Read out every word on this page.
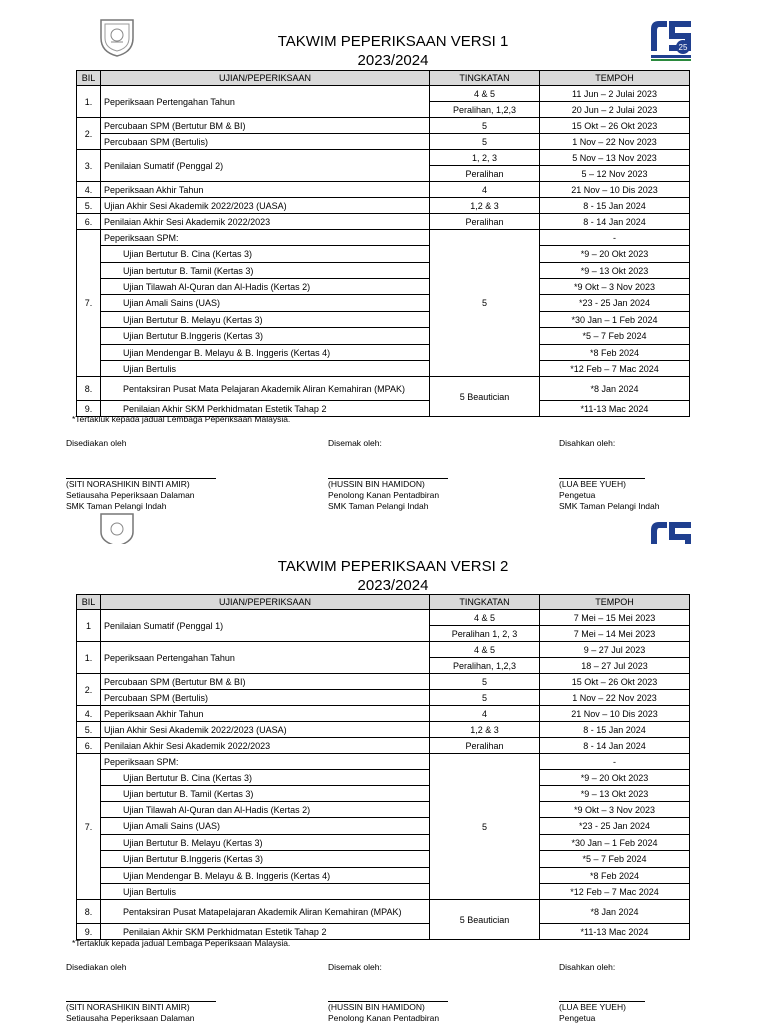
25
TAKWIM PEPERIKSAAN VERSI 1
2023/2024
BIL	UJIAN/PEPERIKSAAN	TINGKATAN	TEMPOH
1.	Peperiksaan Pertengahan Tahun	4 & 5	11 Jun – 2 Julai 2023
		Peralihan, 1,2,3	20 Jun – 2 Julai 2023
2.	Percubaan SPM (Bertutur BM & BI)	5	15 Okt – 26 Okt 2023
	Percubaan SPM (Bertulis)	5	1 Nov – 22 Nov 2023
3.	Penilaian Sumatif (Penggal 2)	1, 2, 3	5 Nov – 13 Nov 2023
		Peralihan	5 – 12 Nov 2023
4.	Peperiksaan Akhir Tahun	4	21 Nov – 10 Dis 2023
5.	Ujian Akhir Sesi Akademik 2022/2023 (UASA)	1,2 & 3	8 - 15 Jan 2024
6.	Penilaian Akhir Sesi Akademik 2022/2023	Peralihan	8 - 14 Jan 2024
7.	Peperiksaan SPM:	5	-
	Ujian Bertutur B. Cina (Kertas 3)		*9 – 20 Okt 2023
	Ujian bertutur B. Tamil (Kertas 3)		*9 – 13 Okt 2023
	Ujian Tilawah Al-Quran dan Al-Hadis (Kertas 2)		*9 Okt – 3 Nov 2023
	Ujian Amali Sains (UAS)		*23 - 25 Jan 2024
	Ujian Bertutur B. Melayu (Kertas 3)		*30 Jan – 1 Feb 2024
	Ujian Bertutur B.Inggeris (Kertas 3)		*5 – 7 Feb 2024
	Ujian Mendengar B. Melayu & B. Inggeris (Kertas 4)		*8 Feb 2024
	Ujian Bertulis		*12 Feb – 7 Mac 2024
8.	Pentaksiran Pusat Mata Pelajaran Akademik Aliran Kemahiran (MPAK)	5 Beautician	*8 Jan 2024
9.	Penilaian Akhir SKM Perkhidmatan Estetik Tahap 2		*11-13 Mac 2024
*Tertakluk kepada jadual Lembaga Peperiksaan Malaysia.
Disediakan oleh	Disemak oleh:	Disahkan oleh:
(SITI NORASHIKIN BINTI AMIR)
Setiausaha Peperiksaan Dalaman
SMK Taman Pelangi Indah
(HUSSIN BIN HAMIDON)
Penolong Kanan Pentadbiran
SMK Taman Pelangi Indah
(LUA BEE YUEH)
Pengetua
SMK Taman Pelangi Indah
TAKWIM PEPERIKSAAN VERSI 2
2023/2024
BIL	UJIAN/PEPERIKSAAN	TINGKATAN	TEMPOH
1	Penilaian Sumatif (Penggal 1)	4 & 5	7 Mei – 15 Mei 2023
		Peralihan 1, 2, 3	7 Mei – 14 Mei 2023
1.	Peperiksaan Pertengahan Tahun	4 & 5	9 – 27 Jul 2023
		Peralihan, 1,2,3	18 – 27 Jul 2023
2.	Percubaan SPM (Bertutur BM & BI)	5	15 Okt – 26 Okt 2023
	Percubaan SPM (Bertulis)	5	1 Nov – 22 Nov 2023
4.	Peperiksaan Akhir Tahun	4	21 Nov – 10 Dis 2023
5.	Ujian Akhir Sesi Akademik 2022/2023 (UASA)	1,2 & 3	8 - 15 Jan 2024
6.	Penilaian Akhir Sesi Akademik 2022/2023	Peralihan	8 - 14 Jan 2024
7.	Peperiksaan SPM:	5	-
	Ujian Bertutur B. Cina (Kertas 3)		*9 – 20 Okt 2023
	Ujian bertutur B. Tamil (Kertas 3)		*9 – 13 Okt 2023
	Ujian Tilawah Al-Quran dan Al-Hadis (Kertas 2)		*9 Okt – 3 Nov 2023
	Ujian Amali Sains (UAS)		*23 - 25 Jan 2024
	Ujian Bertutur B. Melayu (Kertas 3)		*30 Jan – 1 Feb 2024
	Ujian Bertutur B.Inggeris (Kertas 3)		*5 – 7 Feb 2024
	Ujian Mendengar B. Melayu & B. Inggeris (Kertas 4)		*8 Feb 2024
	Ujian Bertulis		*12 Feb – 7 Mac 2024
8.	Pentaksiran Pusat Matapelajaran Akademik Aliran Kemahiran (MPAK)	5 Beautician	*8 Jan 2024
9.	Penilaian Akhir SKM Perkhidmatan Estetik Tahap 2		*11-13 Mac 2024
*Tertakluk kepada jadual Lembaga Peperiksaan Malaysia.
Disediakan oleh	Disemak oleh:	Disahkan oleh:
(SITI NORASHIKIN BINTI AMIR)
Setiausaha Peperiksaan Dalaman
(HUSSIN BIN HAMIDON)
Penolong Kanan Pentadbiran
(LUA BEE YUEH)
Pengetua
